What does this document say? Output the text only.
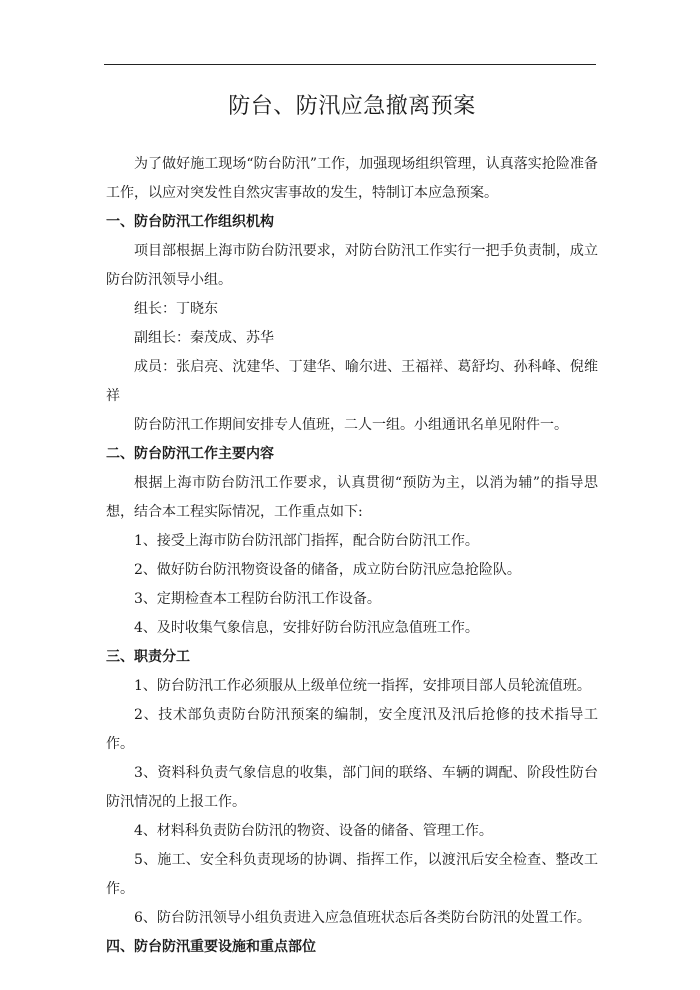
防台、防汛应急撤离预案

为了做好施工现场“防台防汛”工作，加强现场组织管理，认真落实抢险准备工作，以应对突发性自然灾害事故的发生，特制订本应急预案。

一、防台防汛工作组织机构

项目部根据上海市防台防汛要求，对防台防汛工作实行一把手负责制，成立防台防汛领导小组。

组长：丁晓东

副组长：秦茂成、苏华

成员：张启亮、沈建华、丁建华、喻尔进、王福祥、葛舒均、孙科峰、倪维祥

防台防汛工作期间安排专人值班，二人一组。小组通讯名单见附件一。

二、防台防汛工作主要内容

根据上海市防台防汛工作要求，认真贯彻“预防为主，以消为辅”的指导思想，结合本工程实际情况，工作重点如下:

1、接受上海市防台防汛部门指挥，配合防台防汛工作。

2、做好防台防汛物资设备的储备，成立防台防汛应急抢险队。

3、定期检查本工程防台防汛工作设备。

4、及时收集气象信息，安排好防台防汛应急值班工作。

三、职责分工

1、防台防汛工作必须服从上级单位统一指挥，安排项目部人员轮流值班。

2、技术部负责防台防汛预案的编制，安全度汛及汛后抢修的技术指导工作。

3、资料科负责气象信息的收集，部门间的联络、车辆的调配、阶段性防台防汛情况的上报工作。

4、材料科负责防台防汛的物资、设备的储备、管理工作。

5、施工、安全科负责现场的协调、指挥工作，以渡汛后安全检查、整改工作。

6、防台防汛领导小组负责进入应急值班状态后各类防台防汛的处置工作。

四、防台防汛重要设施和重点部位
